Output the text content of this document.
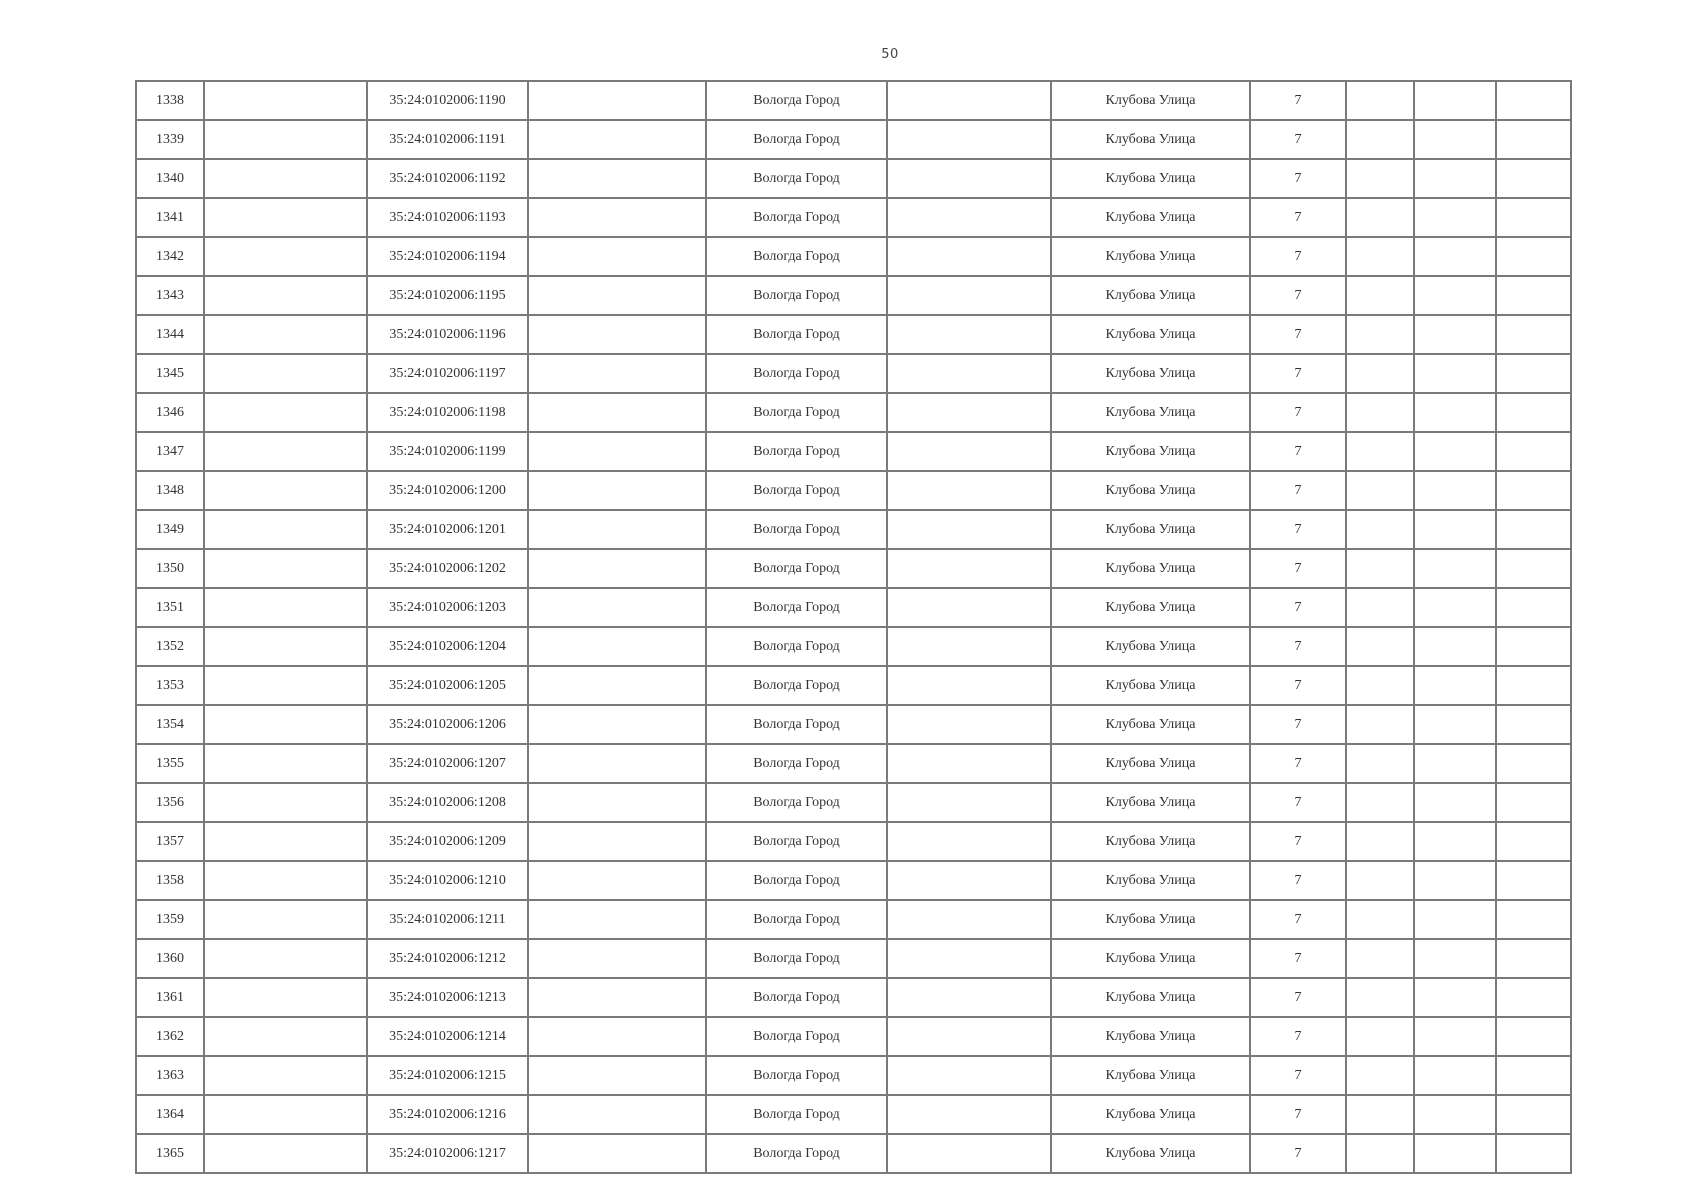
50
1338		35:24:0102006:1190		Вологда Город		Клубова Улица	7			
1339		35:24:0102006:1191		Вологда Город		Клубова Улица	7			
1340		35:24:0102006:1192		Вологда Город		Клубова Улица	7			
1341		35:24:0102006:1193		Вологда Город		Клубова Улица	7			
1342		35:24:0102006:1194		Вологда Город		Клубова Улица	7			
1343		35:24:0102006:1195		Вологда Город		Клубова Улица	7			
1344		35:24:0102006:1196		Вологда Город		Клубова Улица	7			
1345		35:24:0102006:1197		Вологда Город		Клубова Улица	7			
1346		35:24:0102006:1198		Вологда Город		Клубова Улица	7			
1347		35:24:0102006:1199		Вологда Город		Клубова Улица	7			
1348		35:24:0102006:1200		Вологда Город		Клубова Улица	7			
1349		35:24:0102006:1201		Вологда Город		Клубова Улица	7			
1350		35:24:0102006:1202		Вологда Город		Клубова Улица	7			
1351		35:24:0102006:1203		Вологда Город		Клубова Улица	7			
1352		35:24:0102006:1204		Вологда Город		Клубова Улица	7			
1353		35:24:0102006:1205		Вологда Город		Клубова Улица	7			
1354		35:24:0102006:1206		Вологда Город		Клубова Улица	7			
1355		35:24:0102006:1207		Вологда Город		Клубова Улица	7			
1356		35:24:0102006:1208		Вологда Город		Клубова Улица	7			
1357		35:24:0102006:1209		Вологда Город		Клубова Улица	7			
1358		35:24:0102006:1210		Вологда Город		Клубова Улица	7			
1359		35:24:0102006:1211		Вологда Город		Клубова Улица	7			
1360		35:24:0102006:1212		Вологда Город		Клубова Улица	7			
1361		35:24:0102006:1213		Вологда Город		Клубова Улица	7			
1362		35:24:0102006:1214		Вологда Город		Клубова Улица	7			
1363		35:24:0102006:1215		Вологда Город		Клубова Улица	7			
1364		35:24:0102006:1216		Вологда Город		Клубова Улица	7			
1365		35:24:0102006:1217		Вологда Город		Клубова Улица	7			
